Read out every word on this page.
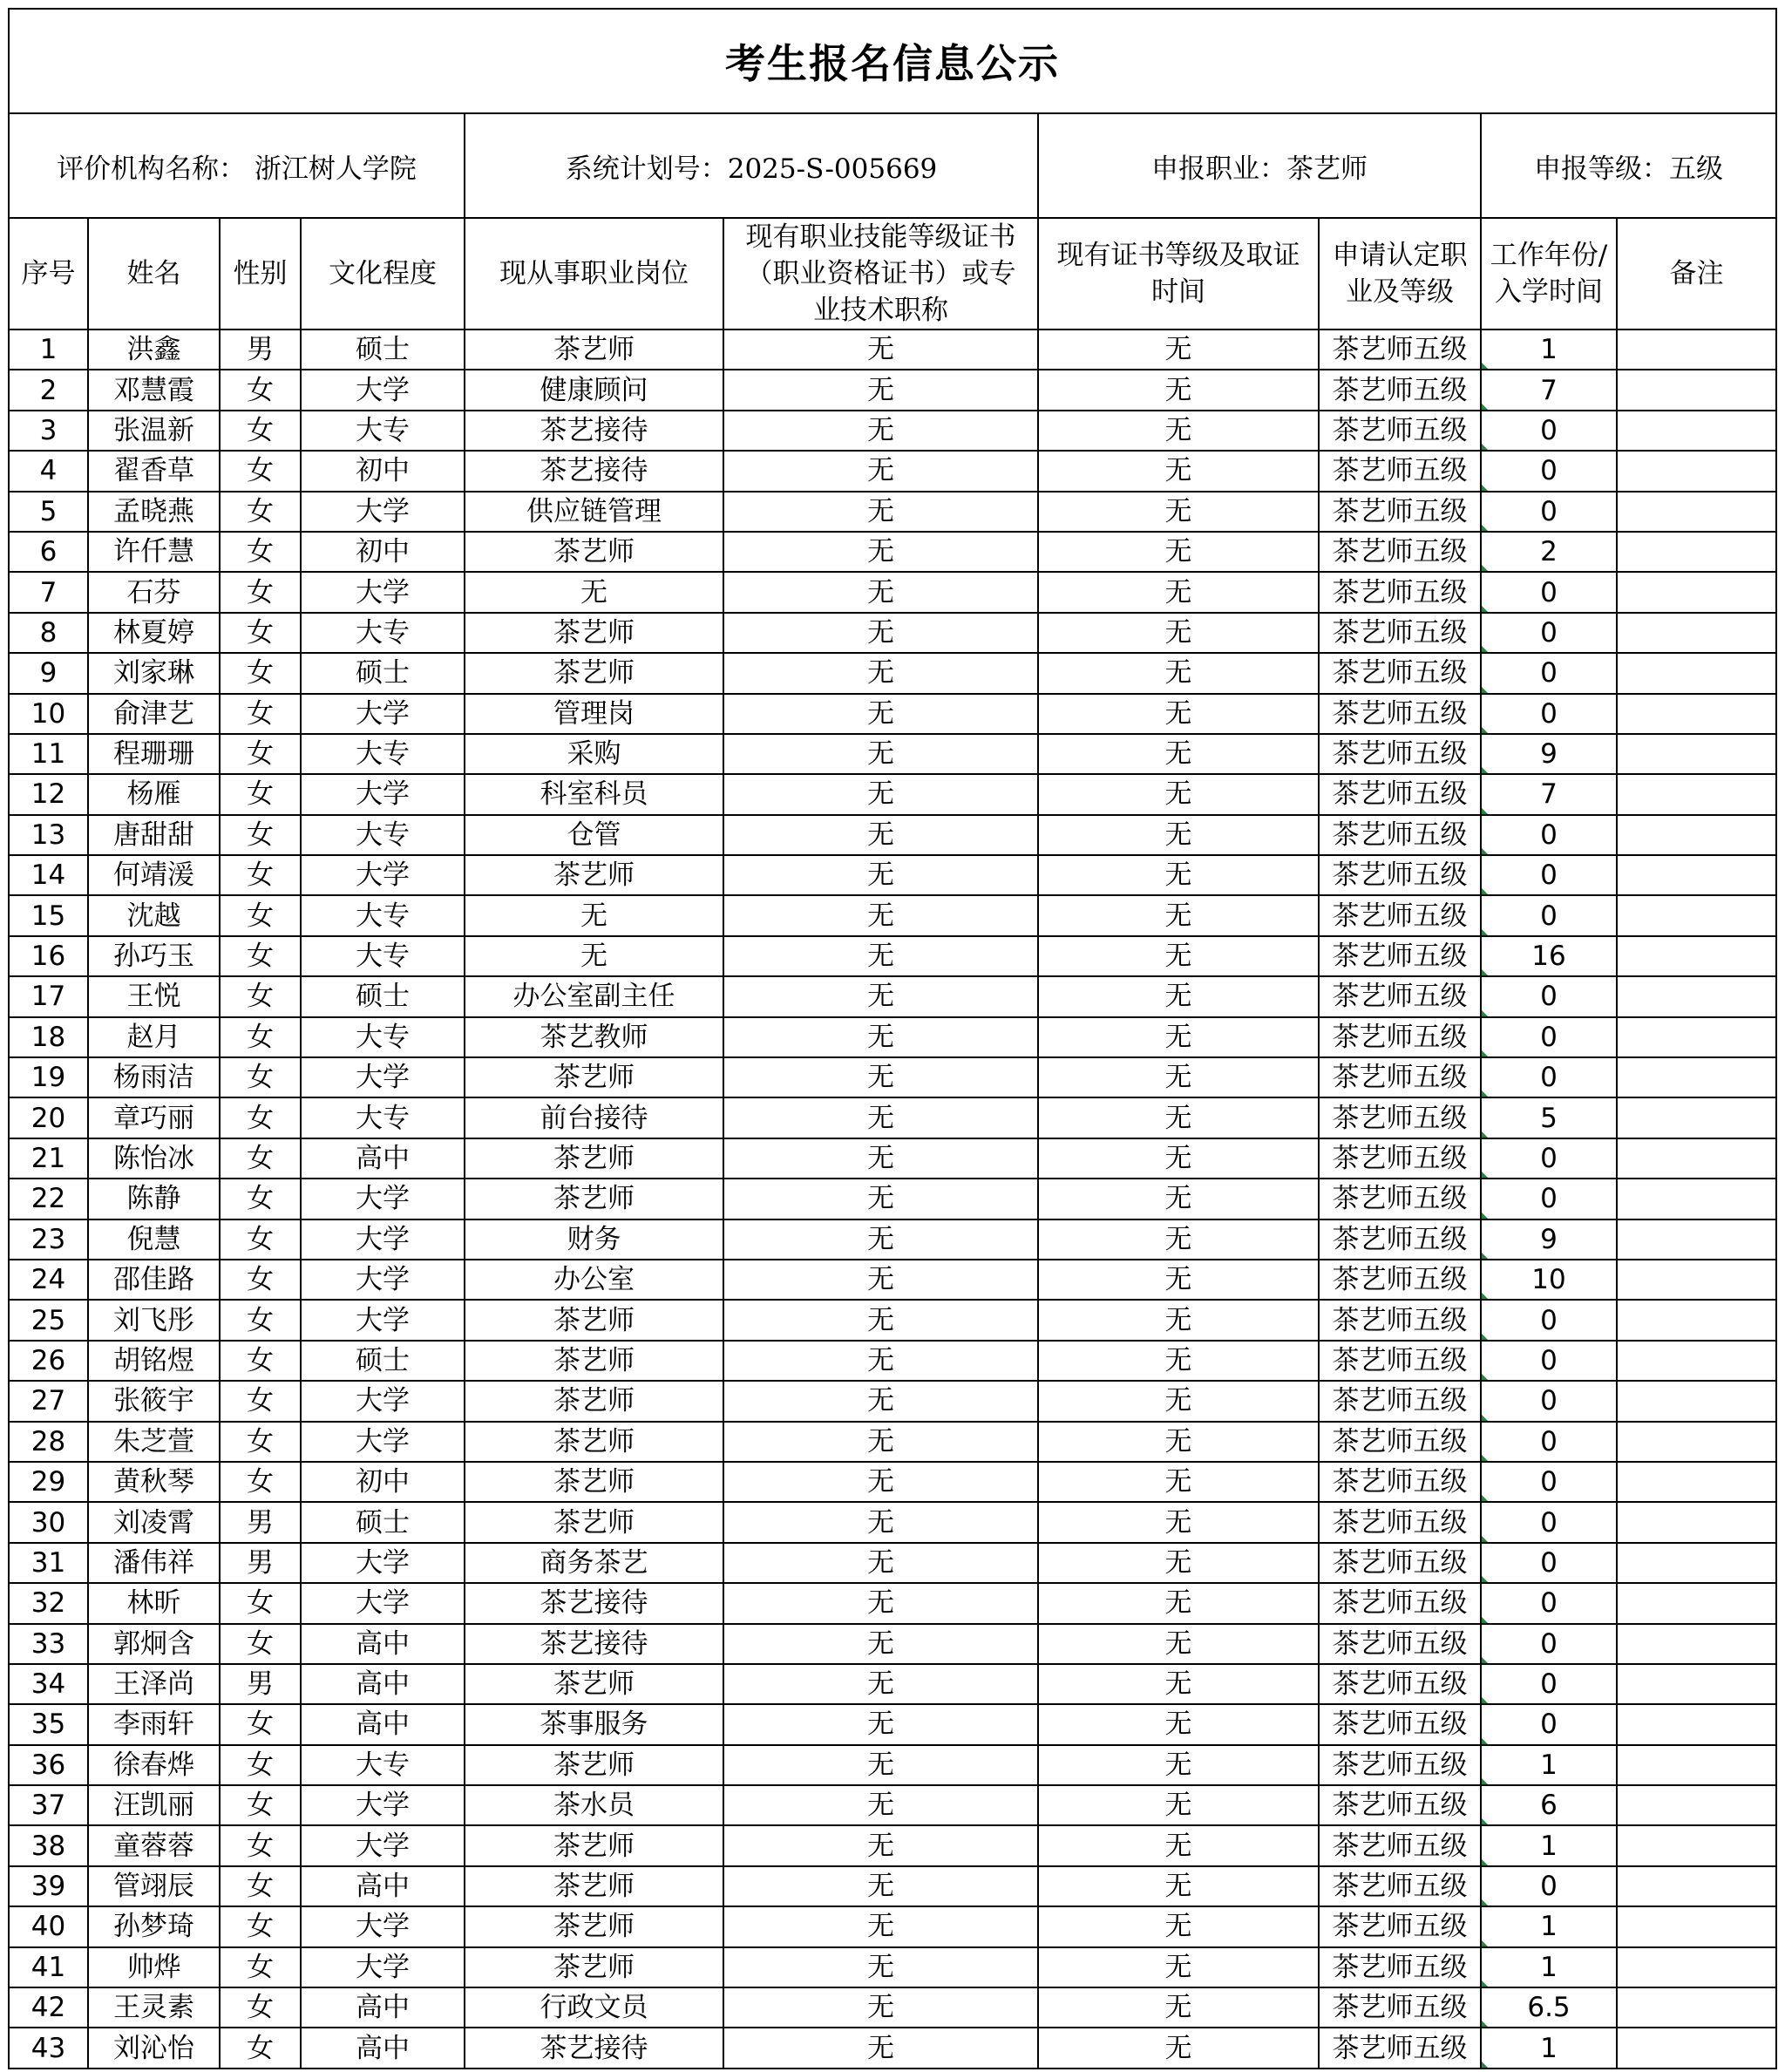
考生报名信息公示									
评价机构名称： 浙江树人学院				系统计划号：2025-S-005669		申报职业：茶艺师		申报等级：五级	
序号	姓名	性别	文化程度	现从事职业岗位	现有职业技能等级证书（职业资格证书）或专业技术职称	现有证书等级及取证时间	申请认定职业及等级	工作年份/入学时间	备注
1	洪鑫	男	硕士	茶艺师	无	无	茶艺师五级	1	
2	邓慧霞	女	大学	健康顾问	无	无	茶艺师五级	7	
3	张温新	女	大专	茶艺接待	无	无	茶艺师五级	0	
4	翟香草	女	初中	茶艺接待	无	无	茶艺师五级	0	
5	孟晓燕	女	大学	供应链管理	无	无	茶艺师五级	0	
6	许仟慧	女	初中	茶艺师	无	无	茶艺师五级	2	
7	石芬	女	大学	无	无	无	茶艺师五级	0	
8	林夏婷	女	大专	茶艺师	无	无	茶艺师五级	0	
9	刘家琳	女	硕士	茶艺师	无	无	茶艺师五级	0	
10	俞津艺	女	大学	管理岗	无	无	茶艺师五级	0	
11	程珊珊	女	大专	采购	无	无	茶艺师五级	9	
12	杨雁	女	大学	科室科员	无	无	茶艺师五级	7	
13	唐甜甜	女	大专	仓管	无	无	茶艺师五级	0	
14	何靖湲	女	大学	茶艺师	无	无	茶艺师五级	0	
15	沈越	女	大专	无	无	无	茶艺师五级	0	
16	孙巧玉	女	大专	无	无	无	茶艺师五级	16	
17	王悦	女	硕士	办公室副主任	无	无	茶艺师五级	0	
18	赵月	女	大专	茶艺教师	无	无	茶艺师五级	0	
19	杨雨洁	女	大学	茶艺师	无	无	茶艺师五级	0	
20	章巧丽	女	大专	前台接待	无	无	茶艺师五级	5	
21	陈怡冰	女	高中	茶艺师	无	无	茶艺师五级	0	
22	陈静	女	大学	茶艺师	无	无	茶艺师五级	0	
23	倪慧	女	大学	财务	无	无	茶艺师五级	9	
24	邵佳路	女	大学	办公室	无	无	茶艺师五级	10	
25	刘飞彤	女	大学	茶艺师	无	无	茶艺师五级	0	
26	胡铭煜	女	硕士	茶艺师	无	无	茶艺师五级	0	
27	张筱宇	女	大学	茶艺师	无	无	茶艺师五级	0	
28	朱芝萱	女	大学	茶艺师	无	无	茶艺师五级	0	
29	黄秋琴	女	初中	茶艺师	无	无	茶艺师五级	0	
30	刘凌霄	男	硕士	茶艺师	无	无	茶艺师五级	0	
31	潘伟祥	男	大学	商务茶艺	无	无	茶艺师五级	0	
32	林昕	女	大学	茶艺接待	无	无	茶艺师五级	0	
33	郭炯含	女	高中	茶艺接待	无	无	茶艺师五级	0	
34	王泽尚	男	高中	茶艺师	无	无	茶艺师五级	0	
35	李雨轩	女	高中	茶事服务	无	无	茶艺师五级	0	
36	徐春烨	女	大专	茶艺师	无	无	茶艺师五级	1	
37	汪凯丽	女	大学	茶水员	无	无	茶艺师五级	6	
38	童蓉蓉	女	大学	茶艺师	无	无	茶艺师五级	1	
39	管翊辰	女	高中	茶艺师	无	无	茶艺师五级	0	
40	孙梦琦	女	大学	茶艺师	无	无	茶艺师五级	1	
41	帅烨	女	大学	茶艺师	无	无	茶艺师五级	1	
42	王灵素	女	高中	行政文员	无	无	茶艺师五级	6.5	
43	刘沁怡	女	高中	茶艺接待	无	无	茶艺师五级	1	
